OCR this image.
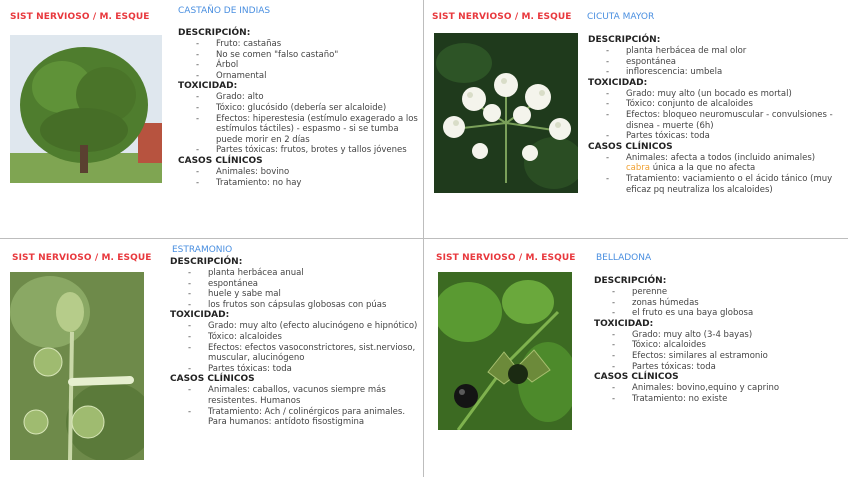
SIST NERVIOSO / M. ESQUE
CASTAÑO DE INDIAS
DESCRIPCIÓN:
- Fruto: castañas
- No se comen "falso castaño"
- Árbol
- Ornamental
TOXICIDAD:
- Grado: alto
- Tóxico: glucósido (debería ser alcaloide)
- Efectos: hiperestesia (estímulo exagerado a los estímulos táctiles) - espasmo - si se tumba puede morir en 2 días
- Partes tóxicas: frutos, brotes y tallos jóvenes
CASOS CLÍNICOS
- Animales: bovino
- Tratamiento: no hay
SIST NERVIOSO / M. ESQUE CICUTA MAYOR
DESCRIPCIÓN:
- planta herbácea de mal olor
- espontánea
- inflorescencia: umbela
TOXICIDAD:
- Grado: muy alto (un bocado es mortal)
- Tóxico: conjunto de alcaloides
- Efectos: bloqueo neuromuscular - convulsiones - disnea - muerte (6h)
- Partes tóxicas: toda
CASOS CLÍNICOS
- Animales: afecta a todos (incluido animales) cabra única a la que no afecta
- Tratamiento: vaciamiento o el ácido tánico (muy eficaz pq neutraliza los alcaloides)
SIST NERVIOSO / M. ESQUE
ESTRAMONIO
DESCRIPCIÓN:
- planta herbácea anual
- espontánea
- huele y sabe mal
- los frutos son cápsulas globosas con púas
TOXICIDAD:
- Grado: muy alto (efecto alucinógeno e hipnótico)
- Tóxico: alcaloides
- Efectos: efectos vasoconstrictores, sist.nervioso, muscular, alucinógeno
- Partes tóxicas: toda
CASOS CLÍNICOS
- Animales: caballos, vacunos siempre más resistentes. Humanos
- Tratamiento: Ach / colinérgicos para animales. Para humanos: antídoto fisostigmina
SIST NERVIOSO / M. ESQUE BELLADONA
DESCRIPCIÓN:
- perenne
- zonas húmedas
- el fruto es una baya globosa
TOXICIDAD:
- Grado: muy alto (3-4 bayas)
- Tóxico: alcaloides
- Efectos: similares al estramonio
- Partes tóxicas: toda
CASOS CLÍNICOS
- Animales: bovino,equino y caprino
- Tratamiento: no existe
